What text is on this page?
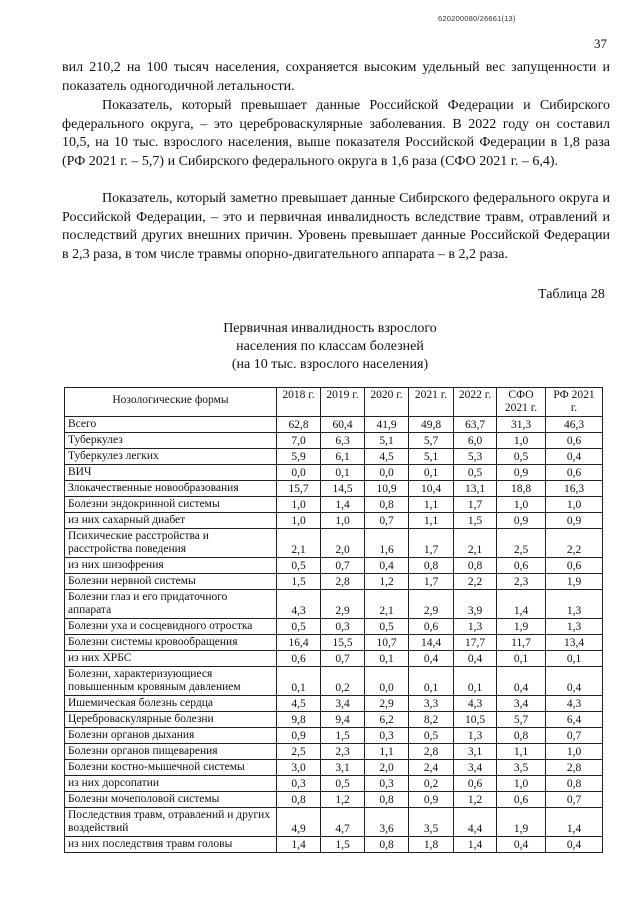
620200080/26661(13)
37

вил 210,2 на 100 тысяч населения, сохраняется высоким удельный вес запущенности и показатель одногодичной летальности.

Показатель, который превышает данные Российской Федерации и Сибирского федерального округа, – это цереброваскулярные заболевания. В 2022 году он составил 10,5, на 10 тыс. взрослого населения, выше показателя Российской Федерации в 1,8 раза (РФ 2021 г. – 5,7) и Сибирского федерального округа в 1,6 раза (СФО 2021 г. – 6,4).

Показатель, который заметно превышает данные Сибирского федерального округа и Российской Федерации, – это и первичная инвалидность вследствие травм, отравлений и последствий других внешних причин. Уровень превышает данные Российской Федерации в 2,3 раза, в том числе травмы опорно-двигательного аппарата – в 2,2 раза.

Таблица 28
Первичная инвалидность взрослого
населения по классам болезней
(на 10 тыс. взрослого населения)
Нозологические формы	2018 г.	2019 г.	2020 г.	2021 г.	2022 г.	СФО 2021 г.	РФ 2021 г.
Всего	62,8	60,4	41,9	49,8	63,7	31,3	46,3
Туберкулез	7,0	6,3	5,1	5,7	6,0	1,0	0,6
Туберкулез легких	5,9	6,1	4,5	5,1	5,3	0,5	0,4
ВИЧ	0,0	0,1	0,0	0,1	0,5	0,9	0,6
Злокачественные новообразования	15,7	14,5	10,9	10,4	13,1	18,8	16,3
Болезни эндокринной системы	1,0	1,4	0,8	1,1	1,7	1,0	1,0
из них сахарный диабет	1,0	1,0	0,7	1,1	1,5	0,9	0,9
Психические расстройства и расстройства поведения	2,1	2,0	1,6	1,7	2,1	2,5	2,2
из них шизофрения	0,5	0,7	0,4	0,8	0,8	0,6	0,6
Болезни нервной системы	1,5	2,8	1,2	1,7	2,2	2,3	1,9
Болезни глаз и его придаточного аппарата	4,3	2,9	2,1	2,9	3,9	1,4	1,3
Болезни уха и сосцевидного отростка	0,5	0,3	0,5	0,6	1,3	1,9	1,3
Болезни системы кровообращения	16,4	15,5	10,7	14,4	17,7	11,7	13,4
из них ХРБС	0,6	0,7	0,1	0,4	0,4	0,1	0,1
Болезни, характеризующиеся повышенным кровяным давлением	0,1	0,2	0,0	0,1	0,1	0,4	0,4
Ишемическая болезнь сердца	4,5	3,4	2,9	3,3	4,3	3,4	4,3
Цереброваскулярные болезни	9,8	9,4	6,2	8,2	10,5	5,7	6,4
Болезни органов дыхания	0,9	1,5	0,3	0,5	1,3	0,8	0,7
Болезни органов пищеварения	2,5	2,3	1,1	2,8	3,1	1,1	1,0
Болезни костно-мышечной системы	3,0	3,1	2,0	2,4	3,4	3,5	2,8
из них дорсопатии	0,3	0,5	0,3	0,2	0,6	1,0	0,8
Болезни мочеполовой системы	0,8	1,2	0,8	0,9	1,2	0,6	0,7
Последствия травм, отравлений и других воздействий	4,9	4,7	3,6	3,5	4,4	1,9	1,4
из них последствия травм головы	1,4	1,5	0,8	1,8	1,4	0,4	0,4
